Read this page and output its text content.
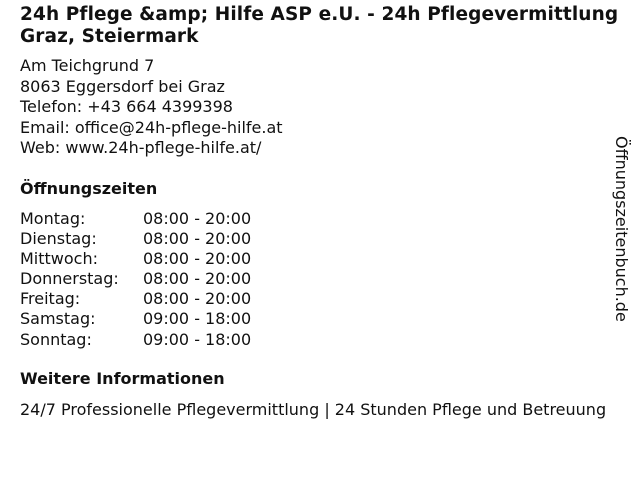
24h Pflege &amp; Hilfe ASP e.U. - 24h Pflegevermittlung Graz, Steiermark
Am Teichgrund 7
8063 Eggersdorf bei Graz
Telefon: +43 664 4399398
Email: office@24h-pflege-hilfe.at
Web: www.24h-pflege-hilfe.at/
Öffnungszeiten
Montag:	08:00 - 20:00
Dienstag:	08:00 - 20:00
Mittwoch:	08:00 - 20:00
Donnerstag:	08:00 - 20:00
Freitag:	08:00 - 20:00
Samstag:	09:00 - 18:00
Sonntag:	09:00 - 18:00
Weitere Informationen
24/7 Professionelle Pflegevermittlung | 24 Stunden Pflege und Betreuung
Öffnungszeitenbuch.de
